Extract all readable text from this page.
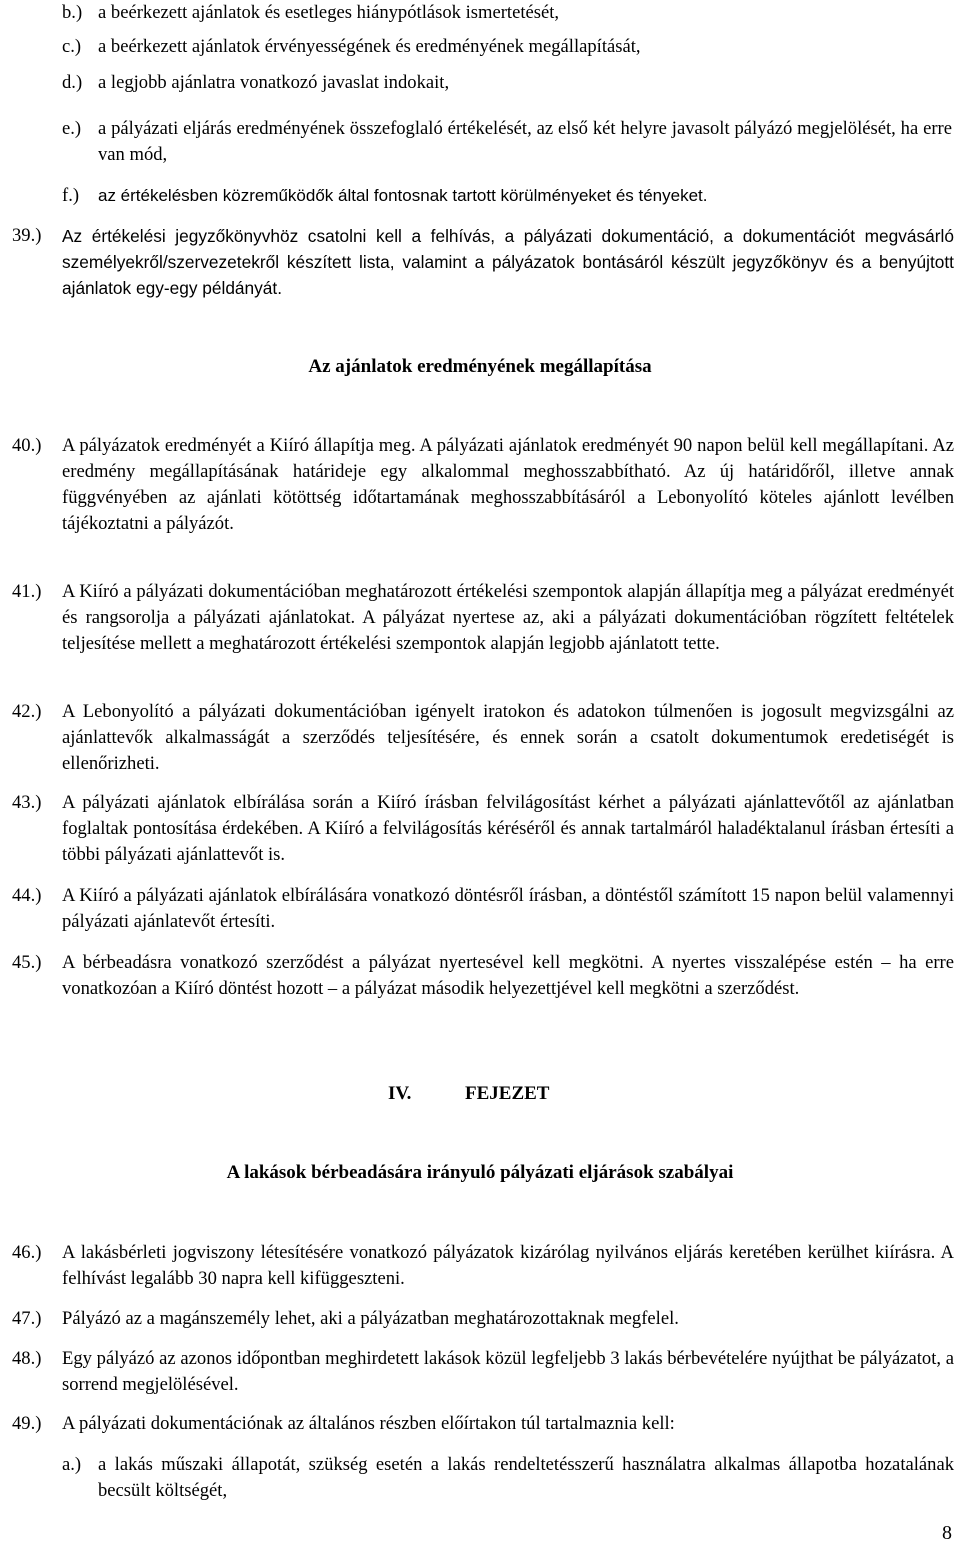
b.) a beérkezett ajánlatok és esetleges hiánypótlások ismertetését,
c.) a beérkezett ajánlatok érvényességének és eredményének megállapítását,
d.) a legjobb ajánlatra vonatkozó javaslat indokait,
e.) a pályázati eljárás eredményének összefoglaló értékelését, az első két helyre javasolt pályázó megjelölését, ha erre van mód,
f.) az értékelésben közreműködők által fontosnak tartott körülményeket és tényeket.
39.)	Az értékelési jegyzőkönyvhöz csatolni kell a felhívás, a pályázati dokumentáció, a dokumentációt megvásárló személyekről/szervezetekről készített lista, valamint a pályázatok bontásáról készült jegyzőkönyv és a benyújtott ajánlatok egy-egy példányát.
Az ajánlatok eredményének megállapítása
40.)	A pályázatok eredményét a Kiíró állapítja meg. A pályázati ajánlatok eredményét 90 napon belül kell megállapítani. Az eredmény megállapításának határideje egy alkalommal meghosszabbítható. Az új határidőről, illetve annak függvényében az ajánlati kötöttség időtartamának meghosszabbításáról a Lebonyolító köteles ajánlott levélben tájékoztatni a pályázót.
41.)	A Kiíró a pályázati dokumentációban meghatározott értékelési szempontok alapján állapítja meg a pályázat eredményét és rangsorolja a pályázati ajánlatokat. A pályázat nyertese az, aki a pályázati dokumentációban rögzített feltételek teljesítése mellett a meghatározott értékelési szempontok alapján legjobb ajánlatott tette.
42.)	A Lebonyolító a pályázati dokumentációban igényelt iratokon és adatokon túlmenően is jogosult megvizsgálni az ajánlattevők alkalmasságát a szerződés teljesítésére, és ennek során a csatolt dokumentumok eredetiségét is ellenőrizheti.
43.)	A pályázati ajánlatok elbírálása során a Kiíró írásban felvilágosítást kérhet a pályázati ajánlattevőtől az ajánlatban foglaltak pontosítása érdekében. A Kiíró a felvilágosítás kéréséről és annak tartalmáról haladéktalanul írásban értesíti a többi pályázati ajánlattevőt is.
44.)	A Kiíró a pályázati ajánlatok elbírálására vonatkozó döntésről írásban, a döntéstől számított 15 napon belül valamennyi pályázati ajánlatevőt értesíti.
45.)	A bérbeadásra vonatkozó szerződést a pályázat nyertesével kell megkötni. A nyertes visszalépése estén – ha erre vonatkozóan a Kiíró döntést hozott – a pályázat második helyezettjével kell megkötni a szerződést.
IV.	FEJEZET
A lakások bérbeadására irányuló pályázati eljárások szabályai
46.)	A lakásbérleti jogviszony létesítésére vonatkozó pályázatok kizárólag nyilvános eljárás keretében kerülhet kiírásra. A felhívást legalább 30 napra kell kifüggeszteni.
47.)	Pályázó az a magánszemély lehet, aki a pályázatban meghatározottaknak megfelel.
48.)	Egy pályázó az azonos időpontban meghirdetett lakások közül legfeljebb 3 lakás bérbevételére nyújthat be pályázatot, a sorrend megjelölésével.
49.)	A pályázati dokumentációnak az általános részben előírtakon túl tartalmaznia kell:
a.) a lakás műszaki állapotát, szükség esetén a lakás rendeltetésszerű használatra alkalmas állapotba hozatalának becsült költségét,
8
